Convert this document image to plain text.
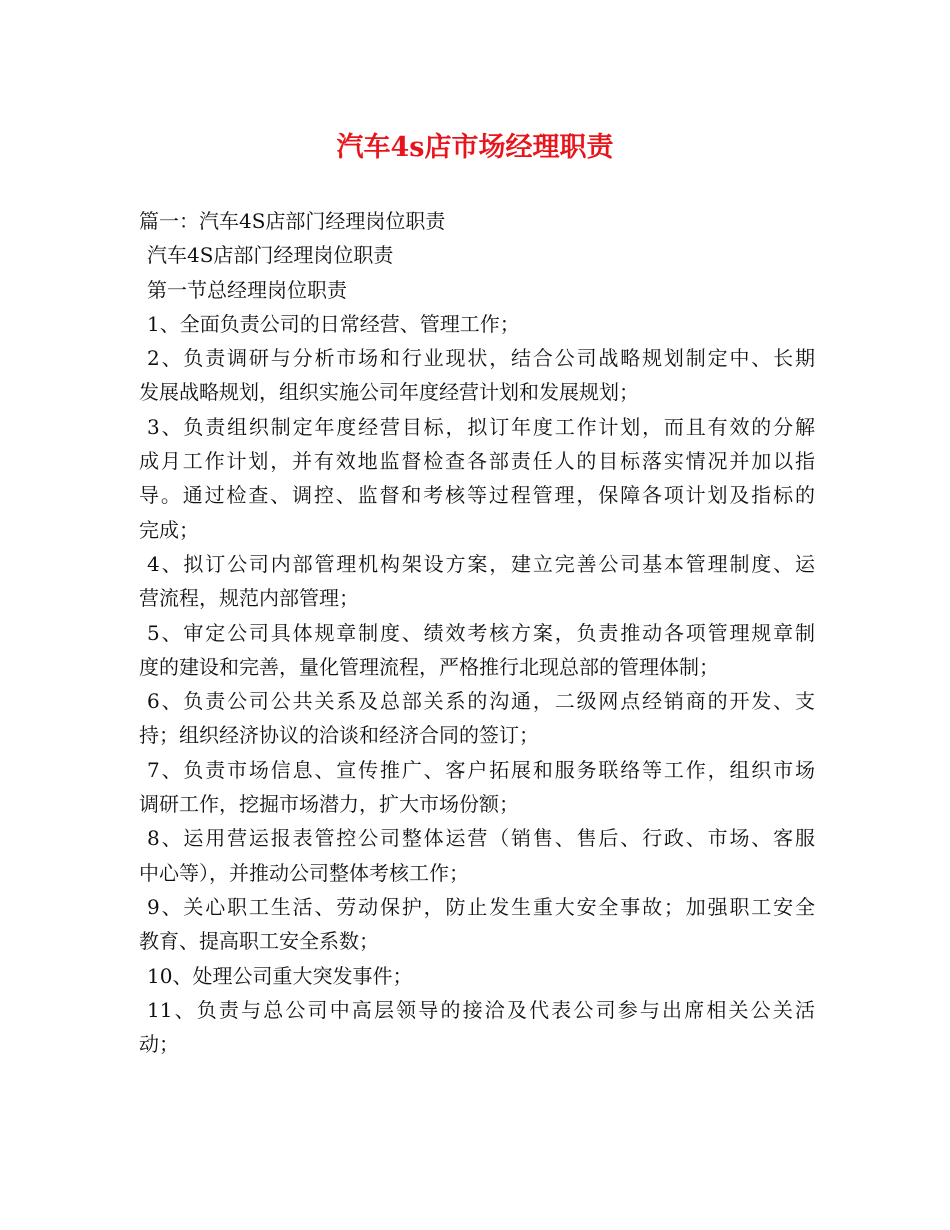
汽车4s店市场经理职责

篇一：汽车4S店部门经理岗位职责

汽车4S店部门经理岗位职责

第一节总经理岗位职责

1、全面负责公司的日常经营、管理工作；

2、负责调研与分析市场和行业现状，结合公司战略规划制定中、长期

发展战略规划，组织实施公司年度经营计划和发展规划；

3、负责组织制定年度经营目标，拟订年度工作计划，而且有效的分解

成月工作计划，并有效地监督检查各部责任人的目标落实情况并加以指

导。通过检查、调控、监督和考核等过程管理，保障各项计划及指标的

完成；

4、拟订公司内部管理机构架设方案，建立完善公司基本管理制度、运

营流程，规范内部管理；

5、审定公司具体规章制度、绩效考核方案，负责推动各项管理规章制

度的建设和完善，量化管理流程，严格推行北现总部的管理体制；

6、负责公司公共关系及总部关系的沟通，二级网点经销商的开发、支

持；组织经济协议的洽谈和经济合同的签订；

7、负责市场信息、宣传推广、客户拓展和服务联络等工作，组织市场

调研工作，挖掘市场潜力，扩大市场份额；

8、运用营运报表管控公司整体运营（销售、售后、行政、市场、客服

中心等），并推动公司整体考核工作；

9、关心职工生活、劳动保护，防止发生重大安全事故；加强职工安全

教育、提高职工安全系数；

10、处理公司重大突发事件；

11、负责与总公司中高层领导的接洽及代表公司参与出席相关公关活

动；
